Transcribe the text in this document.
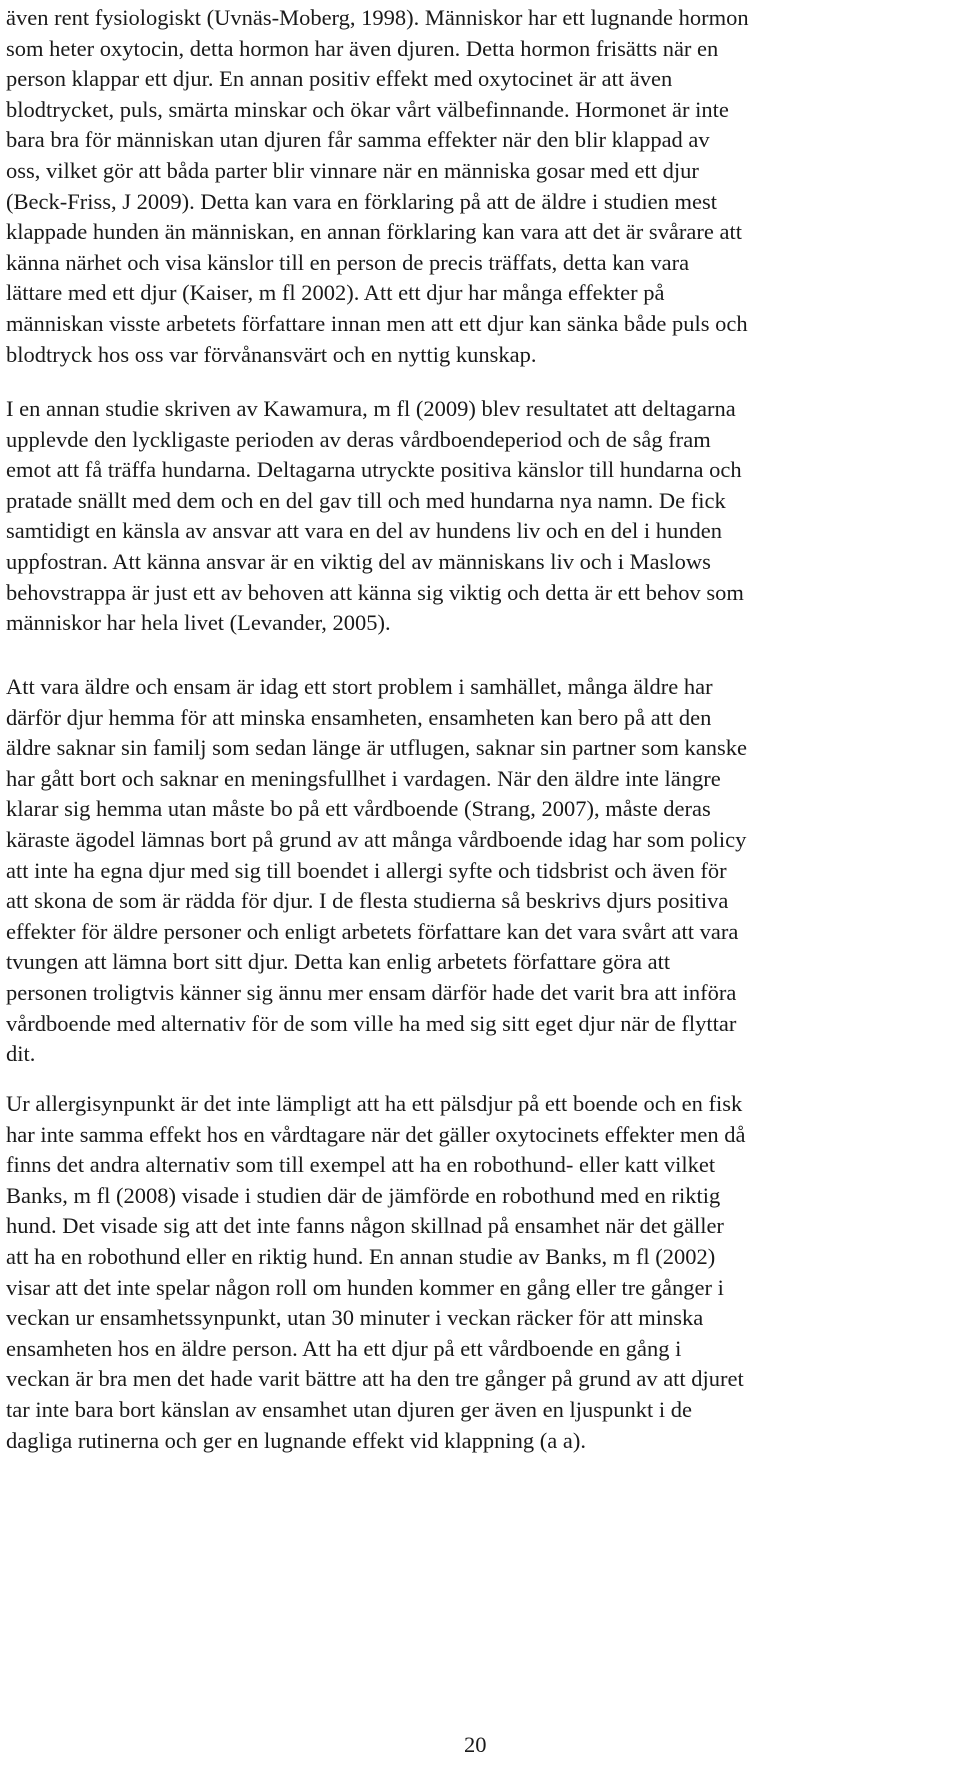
även rent fysiologiskt (Uvnäs-Moberg, 1998). Människor har ett lugnande hormon
som heter oxytocin, detta hormon har även djuren. Detta hormon frisätts när en
person klappar ett djur. En annan positiv effekt med oxytocinet är att även
blodtrycket, puls, smärta minskar och ökar vårt välbefinnande. Hormonet är inte
bara bra för människan utan djuren får samma effekter när den blir klappad av
oss, vilket gör att båda parter blir vinnare när en människa gosar med ett djur
(Beck-Friss, J 2009). Detta kan vara en förklaring på att de äldre i studien mest
klappade hunden än människan, en annan förklaring kan vara att det är svårare att
känna närhet och visa känslor till en person de precis träffats, detta kan vara
lättare med ett djur (Kaiser, m fl 2002). Att ett djur har många effekter på
människan visste arbetets författare innan men att ett djur kan sänka både puls och
blodtryck hos oss var förvånansvärt och en nyttig kunskap.
I en annan studie skriven av Kawamura, m fl (2009) blev resultatet att deltagarna
upplevde den lyckligaste perioden av deras vårdboendeperiod och de såg fram
emot att få träffa hundarna. Deltagarna utryckte positiva känslor till hundarna och
pratade snällt med dem och en del gav till och med hundarna nya namn. De fick
samtidigt en känsla av ansvar att vara en del av hundens liv och en del i hunden
uppfostran. Att känna ansvar är en viktig del av människans liv och i Maslows
behovstrappa är just ett av behoven att känna sig viktig och detta är ett behov som
människor har hela livet (Levander, 2005).
Att vara äldre och ensam är idag ett stort problem i samhället, många äldre har
därför djur hemma för att minska ensamheten, ensamheten kan bero på att den
äldre saknar sin familj som sedan länge är utflugen, saknar sin partner som kanske
har gått bort och saknar en meningsfullhet i vardagen. När den äldre inte längre
klarar sig hemma utan måste bo på ett vårdboende (Strang, 2007), måste deras
käraste ägodel lämnas bort på grund av att många vårdboende idag har som policy
att inte ha egna djur med sig till boendet i allergi syfte och tidsbrist och även för
att skona de som är rädda för djur. I de flesta studierna så beskrivs djurs positiva
effekter för äldre personer och enligt arbetets författare kan det vara svårt att vara
tvungen att lämna bort sitt djur. Detta kan enlig arbetets författare göra att
personen troligtvis känner sig ännu mer ensam därför hade det varit bra att införa
vårdboende med alternativ för de som ville ha med sig sitt eget djur när de flyttar
dit.
Ur allergisynpunkt är det inte lämpligt att ha ett pälsdjur på ett boende och en fisk
har inte samma effekt hos en vårdtagare när det gäller oxytocinets effekter men då
finns det andra alternativ som till exempel att ha en robothund- eller katt vilket
Banks, m fl (2008) visade i studien där de jämförde en robothund med en riktig
hund. Det visade sig att det inte fanns någon skillnad på ensamhet när det gäller
att ha en robothund eller en riktig hund. En annan studie av Banks, m fl (2002)
visar att det inte spelar någon roll om hunden kommer en gång eller tre gånger i
veckan ur ensamhetssynpunkt, utan 30 minuter i veckan räcker för att minska
ensamheten hos en äldre person. Att ha ett djur på ett vårdboende en gång i
veckan är bra men det hade varit bättre att ha den tre gånger på grund av att djuret
tar inte bara bort känslan av ensamhet utan djuren ger även en ljuspunkt i de
dagliga rutinerna och ger en lugnande effekt vid klappning (a a).
20
